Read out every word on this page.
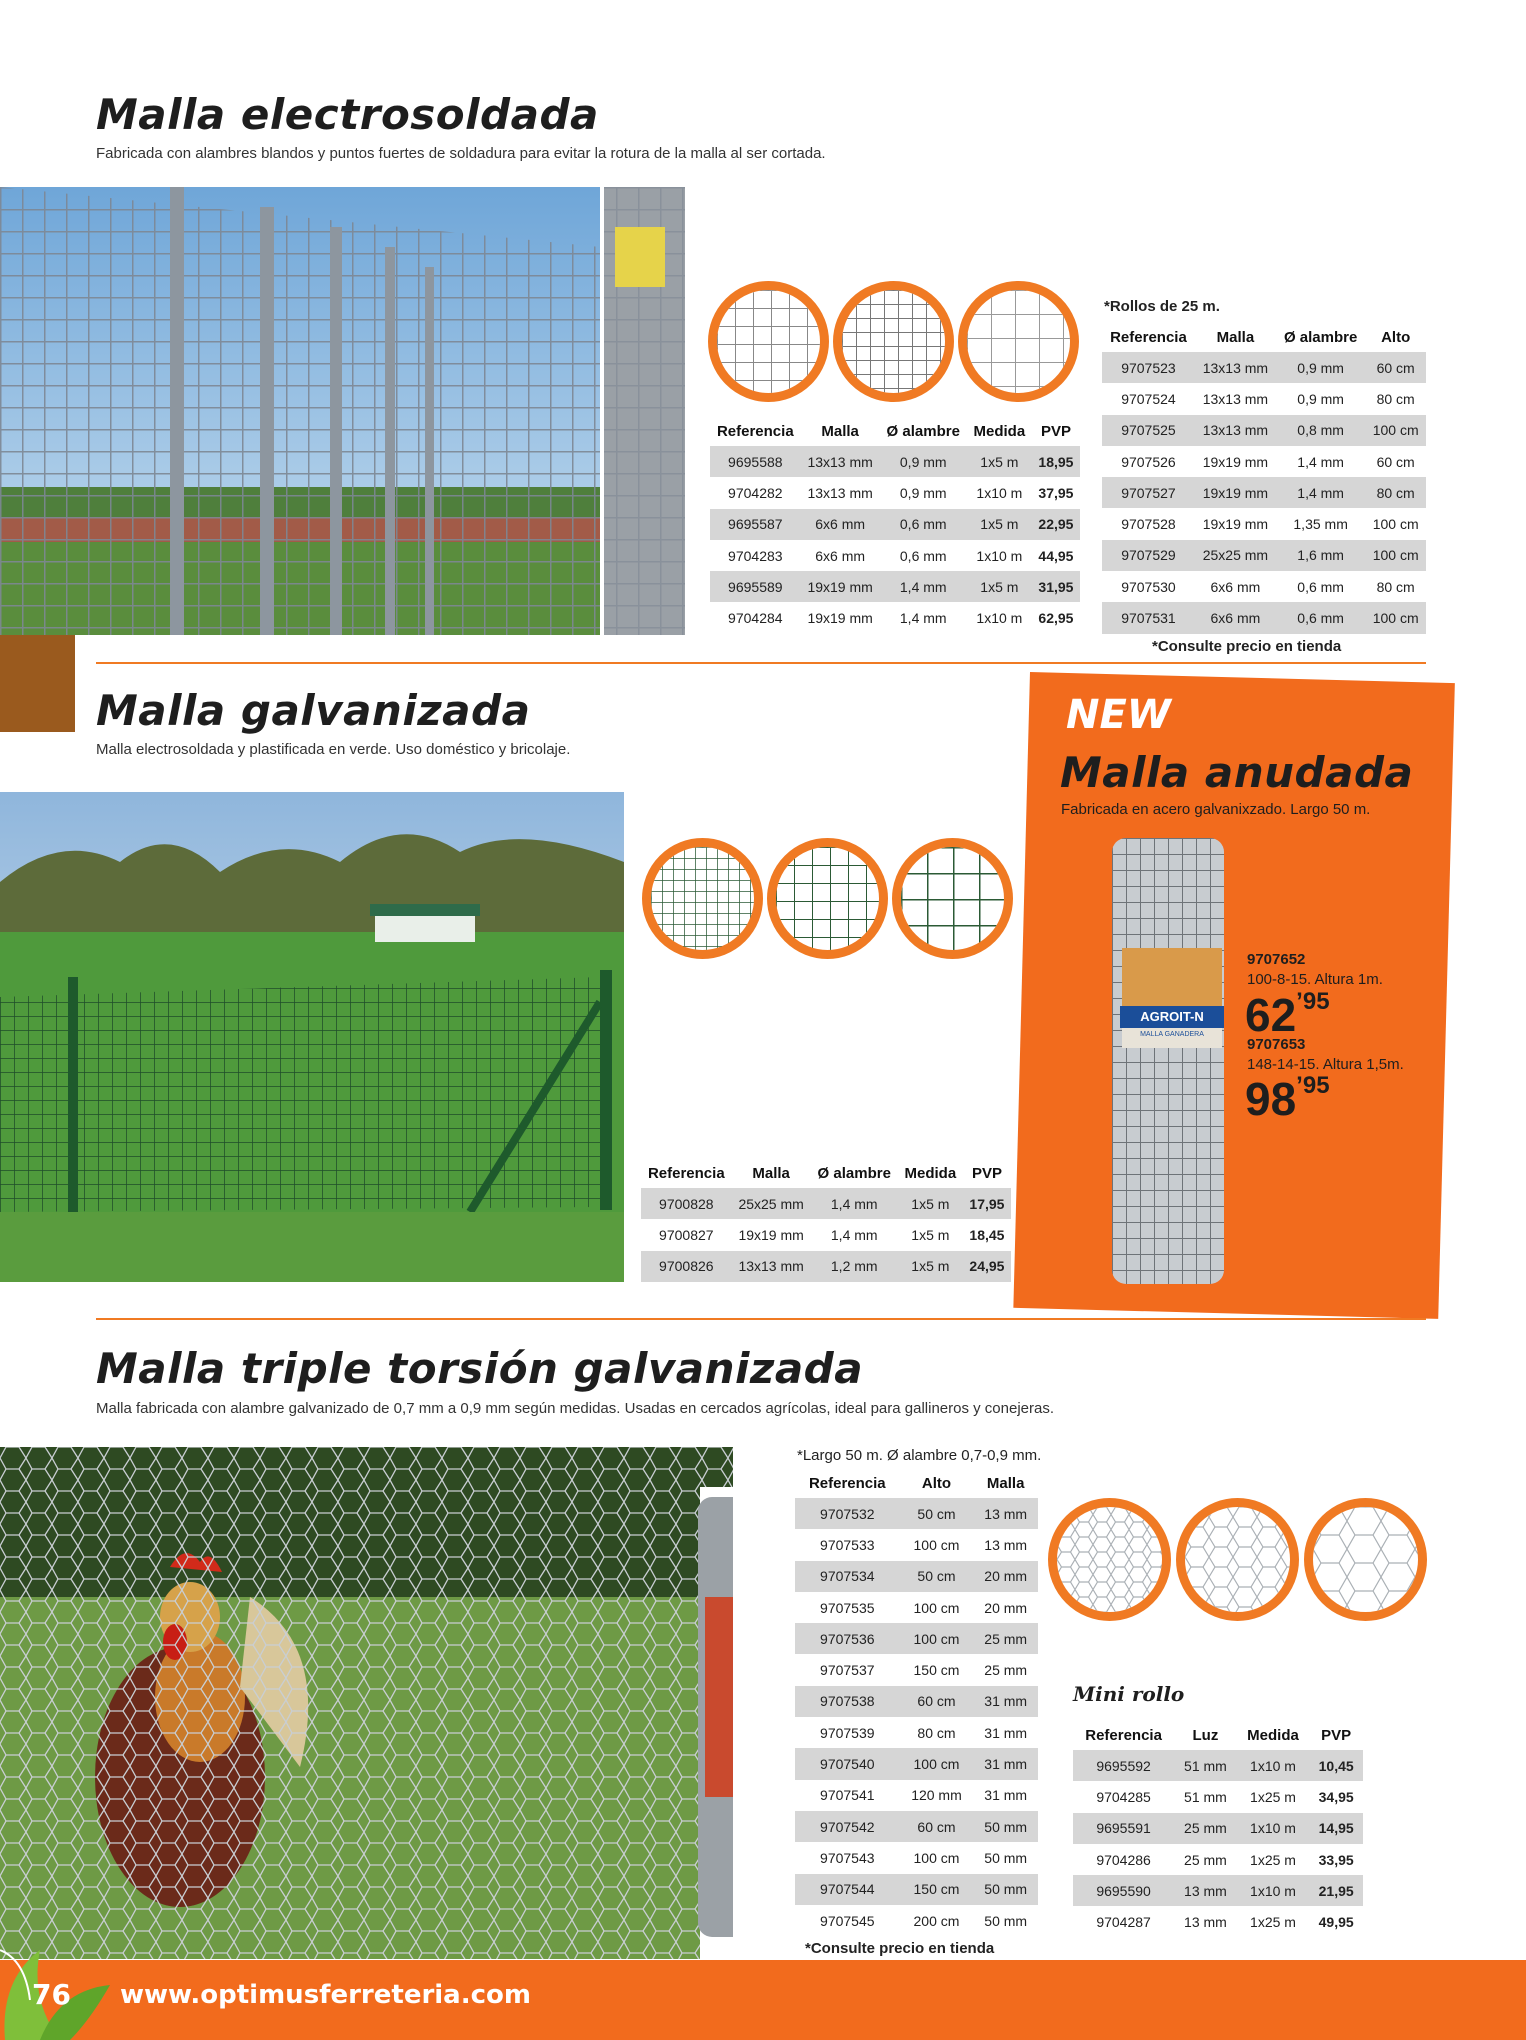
Malla electrosoldada
Fabricada con alambres blandos y puntos fuertes de soldadura para evitar la rotura de la malla al ser cortada.
Referencia	Malla	Ø alambre	Medida	PVP
9695588	13x13 mm	0,9 mm	1x5 m	18,95
9704282	13x13 mm	0,9 mm	1x10 m	37,95
9695587	6x6 mm	0,6 mm	1x5 m	22,95
9704283	6x6 mm	0,6 mm	1x10 m	44,95
9695589	19x19 mm	1,4 mm	1x5 m	31,95
9704284	19x19 mm	1,4 mm	1x10 m	62,95
*Rollos de 25 m.
Referencia	Malla	Ø alambre	Alto
9707523	13x13 mm	0,9 mm	60 cm
9707524	13x13 mm	0,9 mm	80 cm
9707525	13x13 mm	0,8 mm	100 cm
9707526	19x19 mm	1,4 mm	60 cm
9707527	19x19 mm	1,4 mm	80 cm
9707528	19x19 mm	1,35 mm	100 cm
9707529	25x25 mm	1,6 mm	100 cm
9707530	6x6 mm	0,6 mm	80 cm
9707531	6x6 mm	0,6 mm	100 cm
*Consulte precio en tienda
Malla galvanizada
Malla electrosoldada y plastificada en verde. Uso doméstico y bricolaje.
Referencia	Malla	Ø alambre	Medida	PVP
9700828	25x25 mm	1,4 mm	1x5 m	17,95
9700827	19x19 mm	1,4 mm	1x5 m	18,45
9700826	13x13 mm	1,2 mm	1x5 m	24,95
NEW
Malla anudada
Fabricada en acero galvanixzado. Largo 50 m.
AGROIT-N
MALLA GANADERA
9707652
100-8-15. Altura 1m.
62’95
9707653
148-14-15. Altura 1,5m.
98’95
Malla triple torsión galvanizada
Malla fabricada con alambre galvanizado de 0,7 mm a 0,9 mm según medidas. Usadas en cercados agrícolas, ideal para gallineros y conejeras.
*Largo 50 m. Ø alambre 0,7-0,9 mm.
Referencia	Alto	Malla
9707532	50 cm	13 mm
9707533	100 cm	13 mm
9707534	50 cm	20 mm
9707535	100 cm	20 mm
9707536	100 cm	25 mm
9707537	150 cm	25 mm
9707538	60 cm	31 mm
9707539	80 cm	31 mm
9707540	100 cm	31 mm
9707541	120 mm	31 mm
9707542	60 cm	50 mm
9707543	100 cm	50 mm
9707544	150 cm	50 mm
9707545	200 cm	50 mm
*Consulte precio en tienda
Mini rollo
Referencia	Luz	Medida	PVP
9695592	51 mm	1x10 m	10,45
9704285	51 mm	1x25 m	34,95
9695591	25 mm	1x10 m	14,95
9704286	25 mm	1x25 m	33,95
9695590	13 mm	1x10 m	21,95
9704287	13 mm	1x25 m	49,95
76 www.optimusferreteria.com
